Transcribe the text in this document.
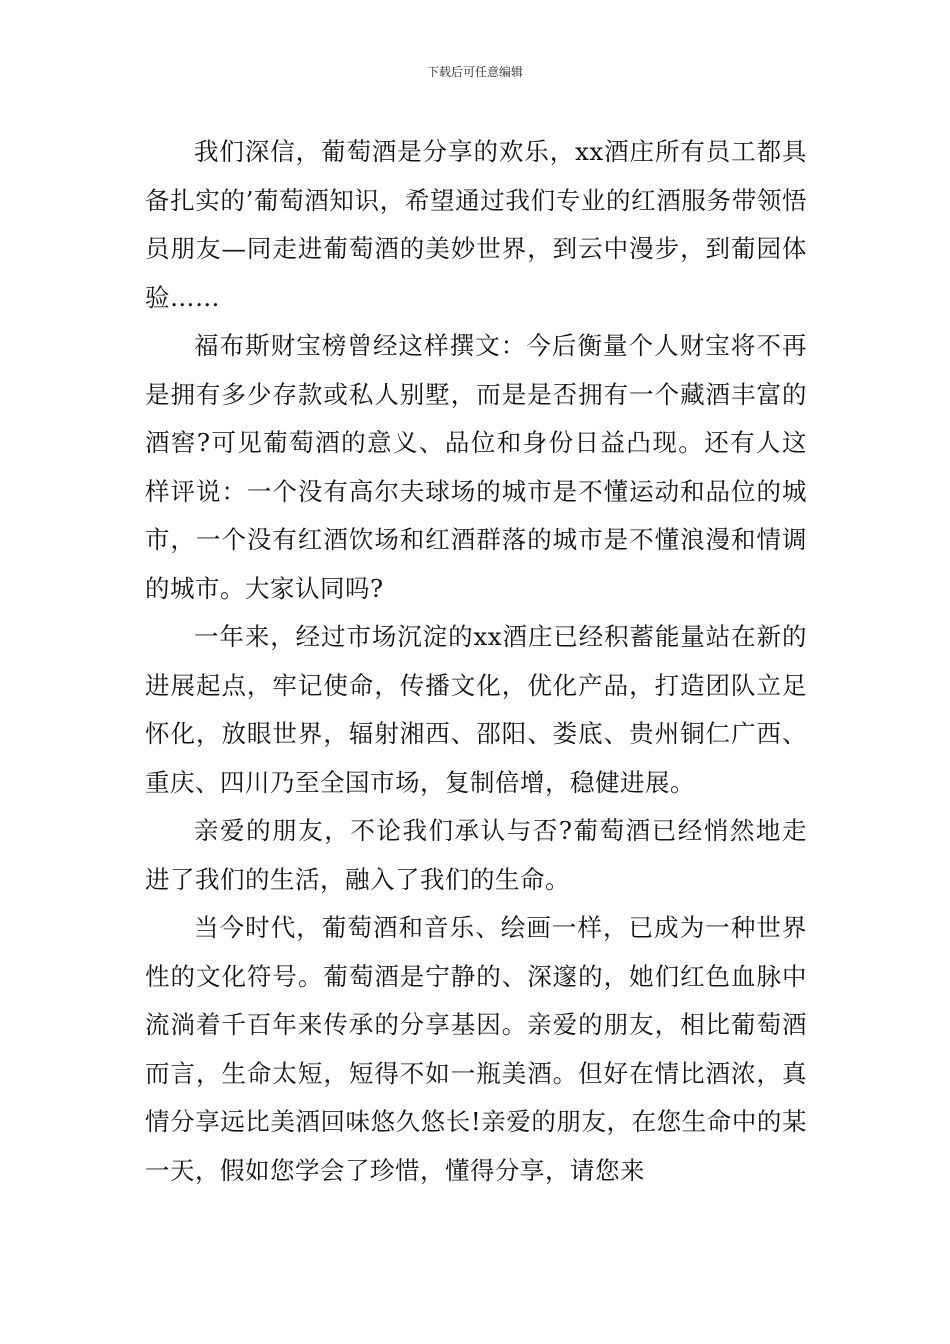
下载后可任意编辑

我们深信，葡萄酒是分享的欢乐，xx酒庄所有员工都具备扎实的’葡萄酒知识，希望通过我们专业的红酒服务带领悟员朋友—同走进葡萄酒的美妙世界，到云中漫步，到葡园体验……

福布斯财宝榜曾经这样撰文：今后衡量个人财宝将不再是拥有多少存款或私人别墅，而是是否拥有一个藏酒丰富的酒窖?可见葡萄酒的意义、品位和身份日益凸现。还有人这样评说：一个没有高尔夫球场的城市是不懂运动和品位的城市，一个没有红酒饮场和红酒群落的城市是不懂浪漫和情调的城市。大家认同吗?

一年来，经过市场沉淀的xx酒庄已经积蓄能量站在新的进展起点，牢记使命，传播文化，优化产品，打造团队立足怀化，放眼世界，辐射湘西、邵阳、娄底、贵州铜仁广西、重庆、四川乃至全国市场，复制倍增，稳健进展。

亲爱的朋友，不论我们承认与否?葡萄酒已经悄然地走进了我们的生活，融入了我们的生命。

当今时代，葡萄酒和音乐、绘画一样，已成为一种世界性的文化符号。葡萄酒是宁静的、深邃的，她们红色血脉中流淌着千百年来传承的分享基因。亲爱的朋友，相比葡萄酒而言，生命太短，短得不如一瓶美酒。但好在情比酒浓，真情分享远比美酒回味悠久悠长!亲爱的朋友，在您生命中的某一天，假如您学会了珍惜，懂得分享，请您来
